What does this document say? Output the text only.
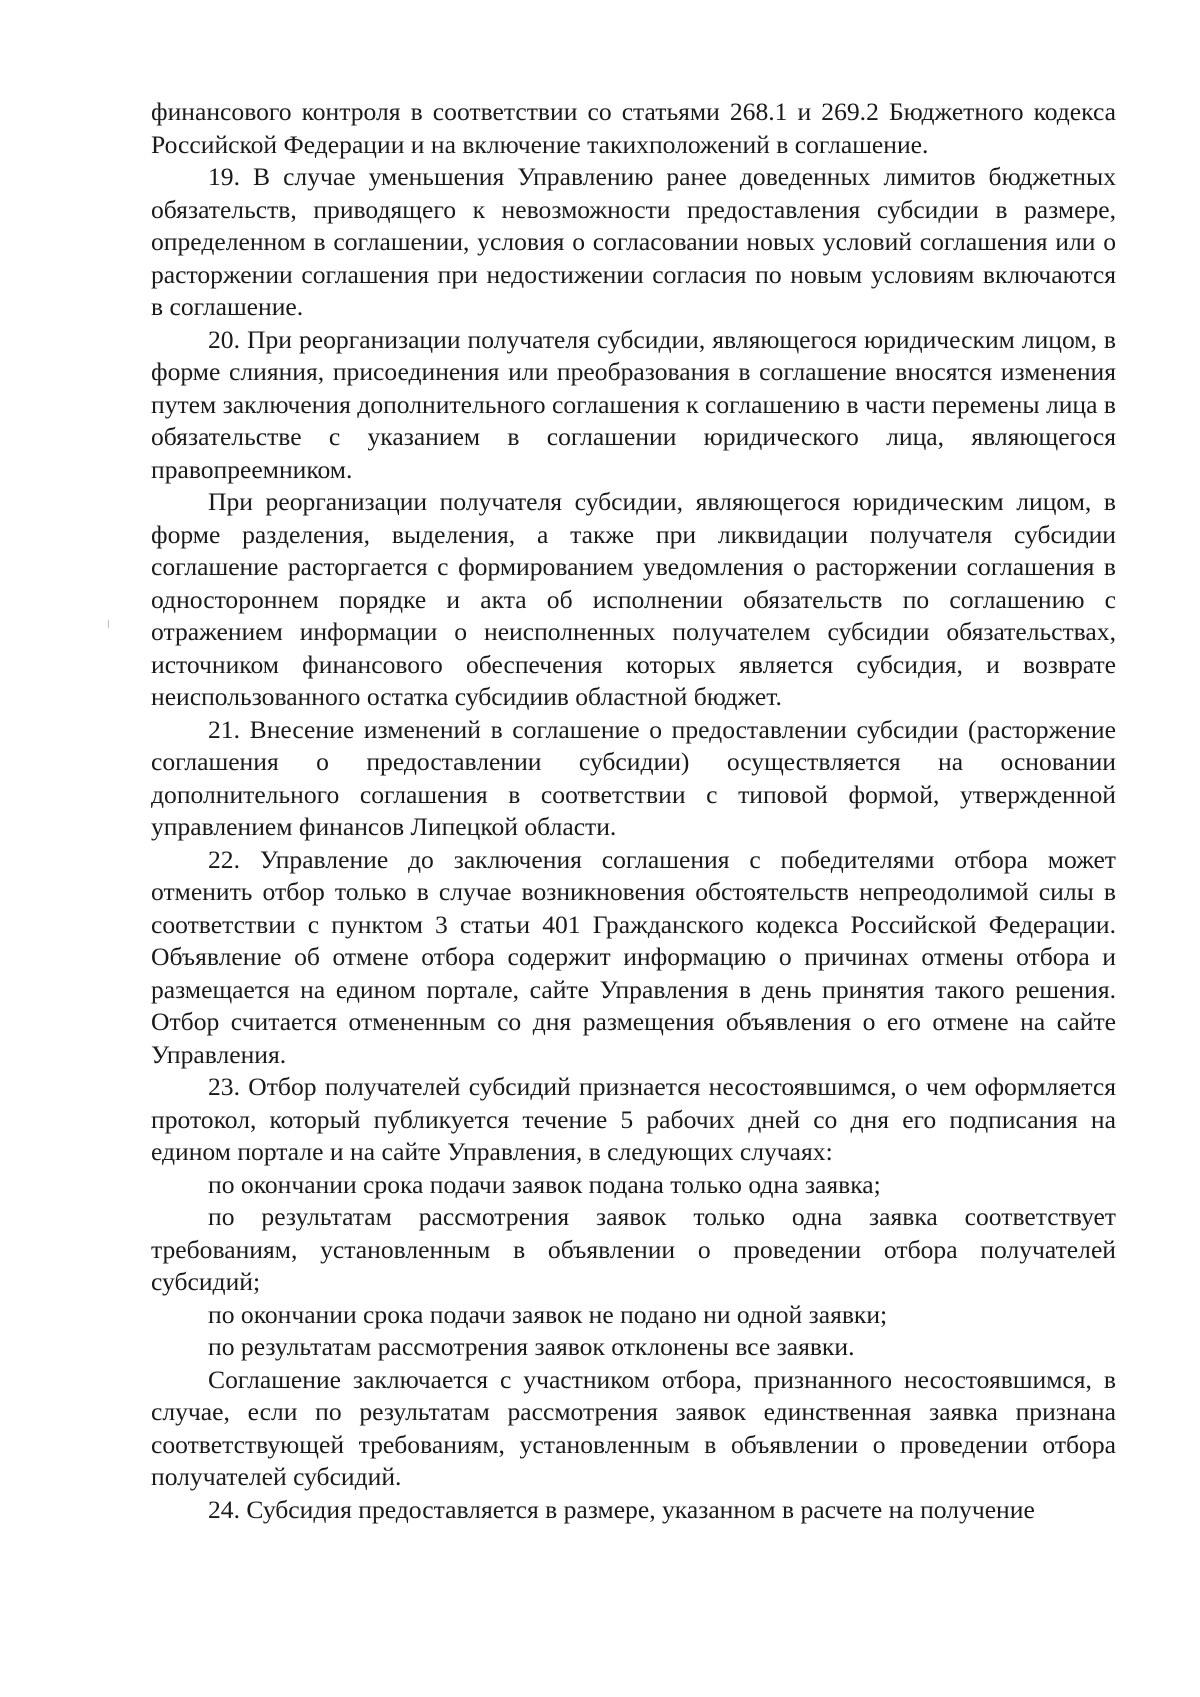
финансового контроля в соответствии со статьями 268.1 и 269.2 Бюджетного кодекса Российской Федерации и на включение такихположений в соглашение.

19. В случае уменьшения Управлению ранее доведенных лимитов бюджетных обязательств, приводящего к невозможности предоставления субсидии в размере, определенном в соглашении, условия о согласовании новых условий соглашения или о расторжении соглашения при недостижении согласия по новым условиям включаются в соглашение.

20. При реорганизации получателя субсидии, являющегося юридическим лицом, в форме слияния, присоединения или преобразования в соглашение вносятся изменения путем заключения дополнительного соглашения к соглашению в части перемены лица в обязательстве с указанием в соглашении юридического лица, являющегося правопреемником.

При реорганизации получателя субсидии, являющегося юридическим лицом, в форме разделения, выделения, а также при ликвидации получателя субсидии соглашение расторгается с формированием уведомления о расторжении соглашения в одностороннем порядке и акта об исполнении обязательств по соглашению с отражением информации о неисполненных получателем субсидии обязательствах, источником финансового обеспечения которых является субсидия, и возврате неиспользованного остатка субсидиив областной бюджет.

21. Внесение изменений в соглашение о предоставлении субсидии (расторжение соглашения о предоставлении субсидии) осуществляется на основании дополнительного соглашения в соответствии с типовой формой, утвержденной управлением финансов Липецкой области.

22. Управление до заключения соглашения с победителями отбора может отменить отбор только в случае возникновения обстоятельств непреодолимой силы в соответствии с пунктом 3 статьи 401 Гражданского кодекса Российской Федерации. Объявление об отмене отбора содержит информацию о причинах отмены отбора и размещается на едином портале, сайте Управления в день принятия такого решения. Отбор считается отмененным со дня размещения объявления о его отмене на сайте Управления.

23. Отбор получателей субсидий признается несостоявшимся, о чем оформляется протокол, который публикуется течение 5 рабочих дней со дня его подписания на едином портале и на сайте Управления, в следующих случаях:

по окончании срока подачи заявок подана только одна заявка;

по результатам рассмотрения заявок только одна заявка соответствует требованиям, установленным в объявлении о проведении отбора получателей субсидий;

по окончании срока подачи заявок не подано ни одной заявки;

по результатам рассмотрения заявок отклонены все заявки.

Соглашение заключается с участником отбора, признанного несостоявшимся, в случае, если по результатам рассмотрения заявок единственная заявка признана соответствующей требованиям, установленным в объявлении о проведении отбора получателей субсидий.

24. Субсидия предоставляется в размере, указанном в расчете на получение
